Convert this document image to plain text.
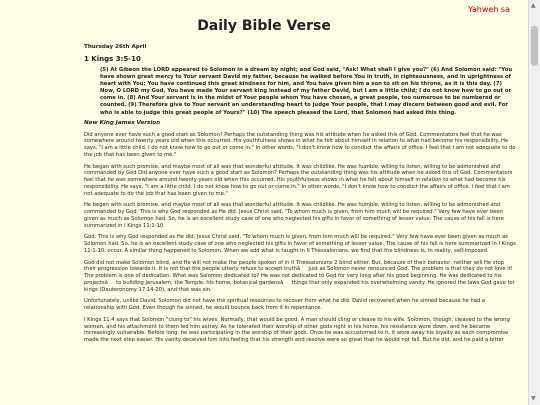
Yahweh sa
Daily Bible Verse
Thursday 26th April
1 Kings 3:5-10
(5) At Gibeon the LORD appeared to Solomon in a dream by night; and God said, "Ask! What shall I give you?" (6) And Solomon said: "You have shown great mercy to Your servant David my father, because he walked before You in truth, in righteousness, and in uprightness of heart with You; You have continued this great kindness for him, and You have given him a son to sit on his throne, as it is this day. (7) Now, O LORD my God, You have made Your servant king instead of my father David, but I am a little child; I do not know how to go out or come in. (8) And Your servant is in the midst of Your people whom You have chosen, a great people, too numerous to be numbered or counted. (9) Therefore give to Your servant an understanding heart to judge Your people, that I may discern between good and evil. For who is able to judge this great people of Yours?" (10) The speech pleased the Lord, that Solomon had asked this thing.
New King James Version

Did anyone ever have such a good start as Solomon? Perhaps the outstanding thing was his attitude when he asked this of God. Commentators feel that he was somewhere around twenty years old when this occurred. His youthfulness shows in what he felt about himself in relation to what had become his responsibility. He says, "I am a little child. I do not know how to go out or come in." In other words, "I don't know how to conduct the affairs of office. I feel that I am not adequate to do the job that has been given to me."

He began with such promise, and maybe most of all was that wonderful attitude. It was childlike. He was humble, willing to listen, willing to be admonished and commanded by God Did anyone ever have such a good start as Solomon? Perhaps the outstanding thing was his attitude when he asked this of God. Commentators feel that he was somewhere around twenty years old when this occurred. His youthfulness shows in what he felt about himself in relation to what had become his responsibility. He says, "I am a little child. I do not know how to go out or come in." In other words, "I don't know how to conduct the affairs of office. I feel that I am not adequate to do the job that has been given to me."

He began with such promise, and maybe most of all was that wonderful attitude. It was childlike. He was humble, willing to listen, willing to be admonished and commanded by God. This is why God responded as He did. Jesus Christ said, "To whom much is given, from him much will be required." Very few have ever been given as much as Solomon had. So, he is an excellent study case of one who neglected his gifts in favor of something of lesser value. The cause of his fall is here summarized in I Kings 11:1-10.

God. This is why God responded as He did. Jesus Christ said, "To whom much is given, from him much will be required." Very few have ever been given as much as Solomon had. So, he is an excellent study case of one who neglected his gifts in favor of something of lesser value. The cause of his fall is here summarized in I Kings 11:1-10. occur. A similar thing happened to Solomon. When we add what is taught in II Thessalonians, we find that the blindness is, in reality, self-imposed.

God did not make Solomon blind, and He will not make the people spoken of in II Thessalonians 2 blind either. But, because of their behavior, neither will He stop their progression towards it. It is not that the people utterly refuse to accept truthâjust as Solomon never renounced God. The problem is that they do not love it! The problem is one of dedication. What was Solomon dedicated to? He was not dedicated to God for very long after his good beginning. He was dedicated to his projectsâto building Jerusalem, the Temple, his home, botanical gardensâthings that only expanded his overwhelming vanity. He ignored the laws God gave for kings (Deuteronomy 17:14-20), and that was sin.

Unfortunately, unlike David, Solomon did not have the spiritual resources to recover from what he did. David recovered when he sinned because he had a relationship with God. Even though he sinned, he would bounce back from it in repentance.

I Kings 11:4 says that Solomon "clung to" his wives. Normally, that would be good. A man should cling or cleave to his wife. Solomon, though, cleaved to the wrong women, and his attachment to them led him astray. As he tolerated their worship of other gods right in his home, his resistance wore down, and he became increasingly vulnerable. Before long, he was participating in the worship of their gods. Once he was accustomed to it, it wore away his loyalty as each compromise made the next step easier. His vanity deceived him into feeling that his strength and resolve were so great that he would not fall. But he did, and he paid a bitter

▲
▼
